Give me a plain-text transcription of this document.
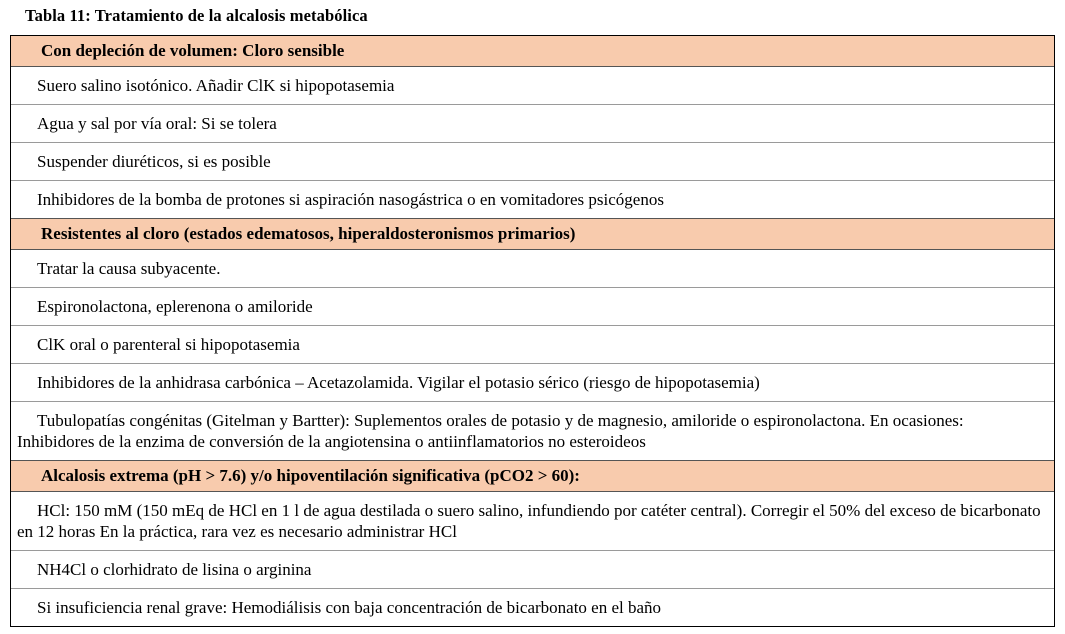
Tabla 11: Tratamiento de la alcalosis metabólica
Con depleción de volumen: Cloro sensible
Suero salino isotónico. Añadir ClK si hipopotasemia
Agua y sal por vía oral: Si se tolera
Suspender diuréticos, si es posible
Inhibidores de la bomba de protones si aspiración nasogástrica o en vomitadores psicógenos
Resistentes al cloro (estados edematosos, hiperaldosteronismos primarios)
Tratar la causa subyacente.
Espironolactona, eplerenona o amiloride
ClK oral o parenteral si hipopotasemia
Inhibidores de la anhidrasa carbónica – Acetazolamida. Vigilar el potasio sérico (riesgo de hipopotasemia)
Tubulopatías congénitas (Gitelman y Bartter): Suplementos orales de potasio y de magnesio, amiloride o espironolactona. En ocasiones: Inhibidores de la enzima de conversión de la angiotensina o antiinflamatorios no esteroideos
Alcalosis extrema (pH > 7.6) y/o hipoventilación significativa (pCO2 > 60):
HCl: 150 mM (150 mEq de HCl en 1 l de agua destilada o suero salino, infundiendo por catéter central). Corregir el 50% del exceso de bicarbonato en 12 horas En la práctica, rara vez es necesario administrar HCl
NH4Cl o clorhidrato de lisina o arginina
Si insuficiencia renal grave: Hemodiálisis con baja concentración de bicarbonato en el baño
